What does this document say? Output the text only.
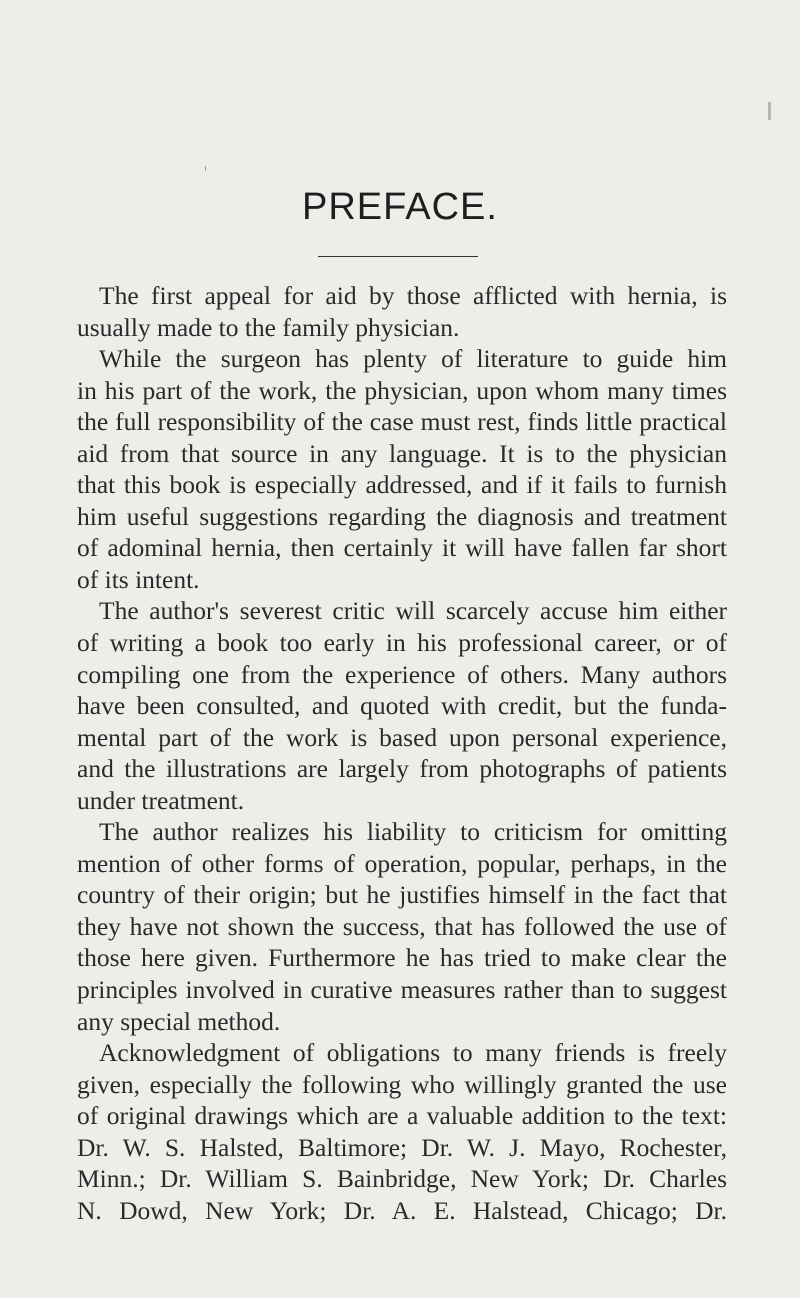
PREFACE.
The first appeal for aid by those afflicted with hernia, is
usually made to the family physician.
While the surgeon has plenty of literature to guide him
in his part of the work, the physician, upon whom many times
the full responsibility of the case must rest, finds little practical
aid from that source in any language. It is to the physician
that this book is especially addressed, and if it fails to furnish
him useful suggestions regarding the diagnosis and treatment
of adominal hernia, then certainly it will have fallen far short
of its intent.
The author's severest critic will scarcely accuse him either
of writing a book too early in his professional career, or of
compiling one from the experience of others. Many authors
have been consulted, and quoted with credit, but the funda-
mental part of the work is based upon personal experience,
and the illustrations are largely from photographs of patients
under treatment.
The author realizes his liability to criticism for omitting
mention of other forms of operation, popular, perhaps, in the
country of their origin; but he justifies himself in the fact that
they have not shown the success, that has followed the use of
those here given. Furthermore he has tried to make clear the
principles involved in curative measures rather than to suggest
any special method.
Acknowledgment of obligations to many friends is freely
given, especially the following who willingly granted the use
of original drawings which are a valuable addition to the text:
Dr. W. S. Halsted, Baltimore; Dr. W. J. Mayo, Rochester,
Minn.; Dr. William S. Bainbridge, New York; Dr. Charles
N. Dowd, New York; Dr. A. E. Halstead, Chicago; Dr.
